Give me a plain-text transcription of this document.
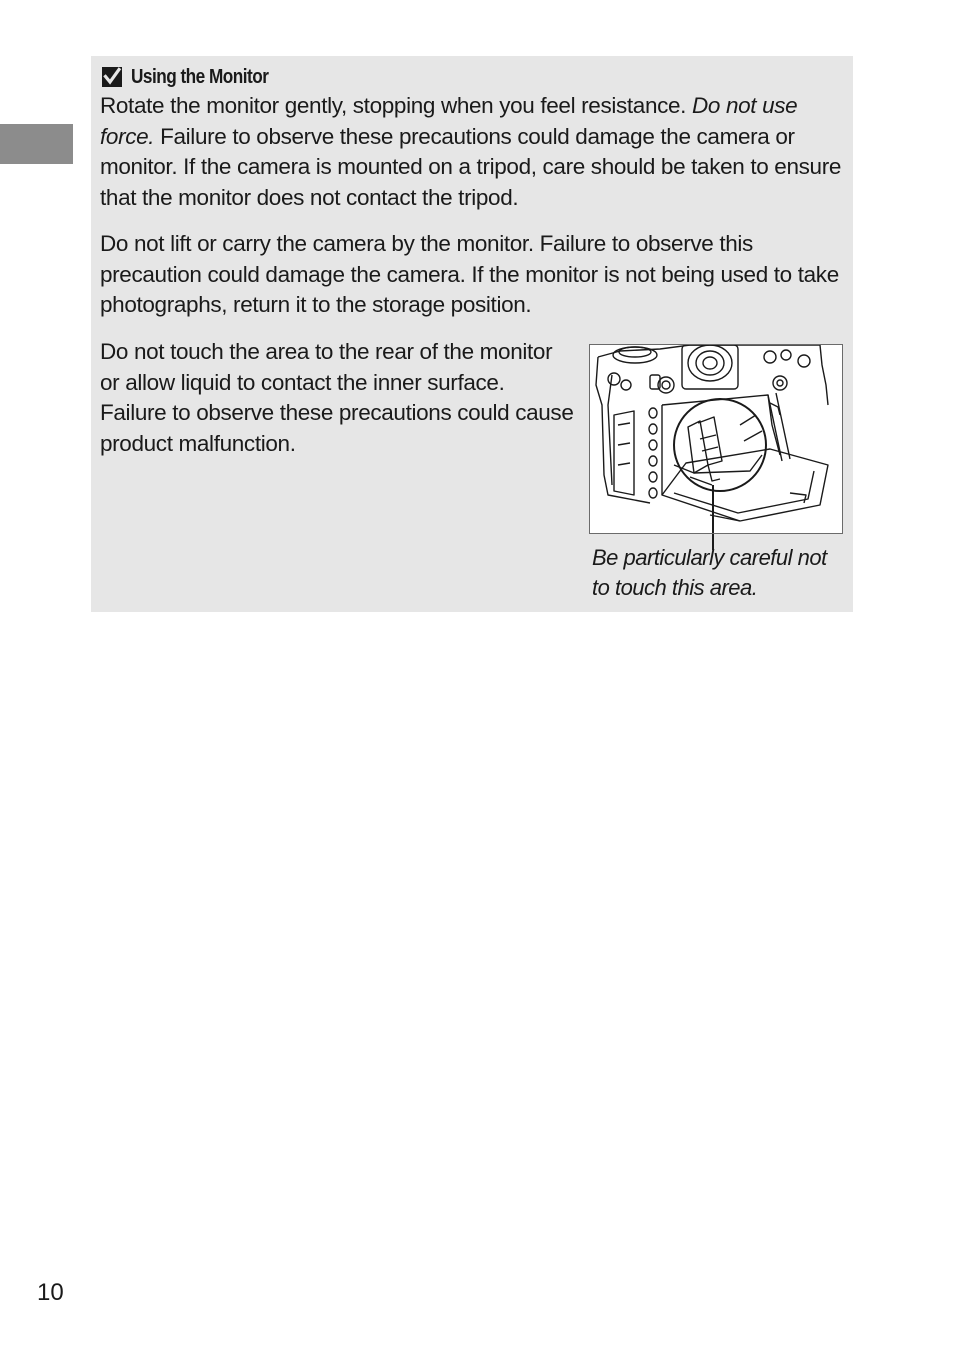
Using the Monitor

Rotate the monitor gently, stopping when you feel resistance. Do not use force. Failure to observe these precautions could damage the camera or monitor. If the camera is mounted on a tripod, care should be taken to ensure that the monitor does not contact the tripod.

Do not lift or carry the camera by the monitor. Failure to observe this precaution could damage the camera. If the monitor is not being used to take photographs, return it to the storage position.

Do not touch the area to the rear of the monitor or allow liquid to contact the inner surface. Failure to observe these precautions could cause product malfunction.

Be particularly careful not to touch this area.

10
